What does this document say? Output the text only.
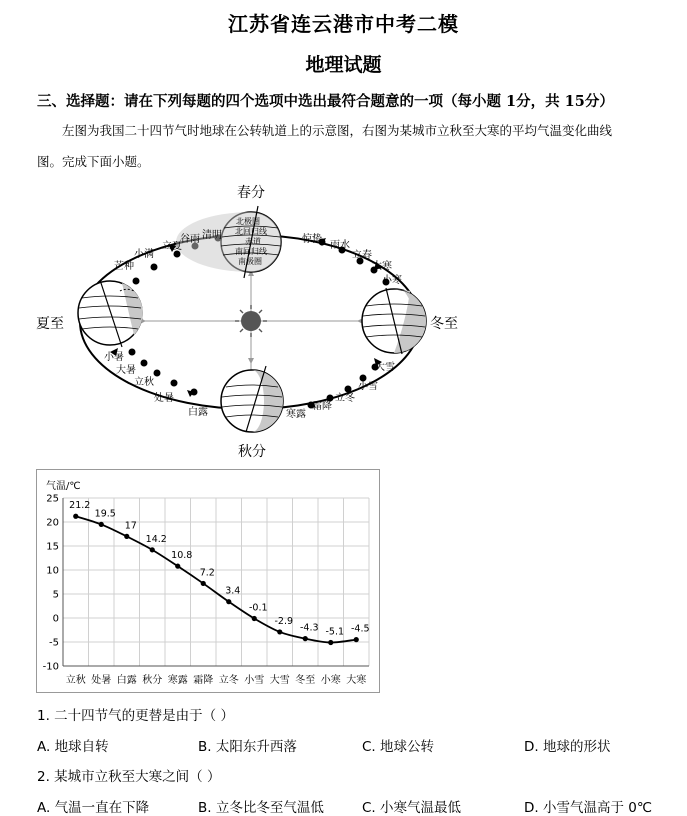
江苏省连云港市中考二模
地理试题
三、选择题：请在下列每题的四个选项中选出最符合题意的一项（每小题 1分，共 15分）
左图为我国二十四节气时地球在公转轨道上的示意图，右图为某城市立秋至大寒的平均气温变化曲线
图。完成下面小题。
北极圈
北回归线
赤道
南回归线
南极圈
春分
夏至
秋分
冬至
清明
谷雨
立夏
小满
芒种
小暑
大暑
立秋
处暑
白露	寒露
霜降
立冬
小雪
大雪
小寒
大寒
立春
雨水
惊蛰
气温/℃
25
20
15
10
5
0
-5
-10
立秋 处暑 白露 秋分 寒露 霜降 立冬 小雪 大雪 冬至 小寒 大寒
21.2
19.5
17
14.2
10.8
7.2
3.4
-0.1
-2.9
-4.3 -5.1 -4.5
1. 二十四节气的更替是由于（ ）
A. 地球自转	B. 太阳东升西落	C. 地球公转	D. 地球的形状
2. 某城市立秋至大寒之间（ ）
A. 气温一直在下降	B. 立冬比冬至气温低	C. 小寒气温最低	D. 小雪气温高于 0℃
